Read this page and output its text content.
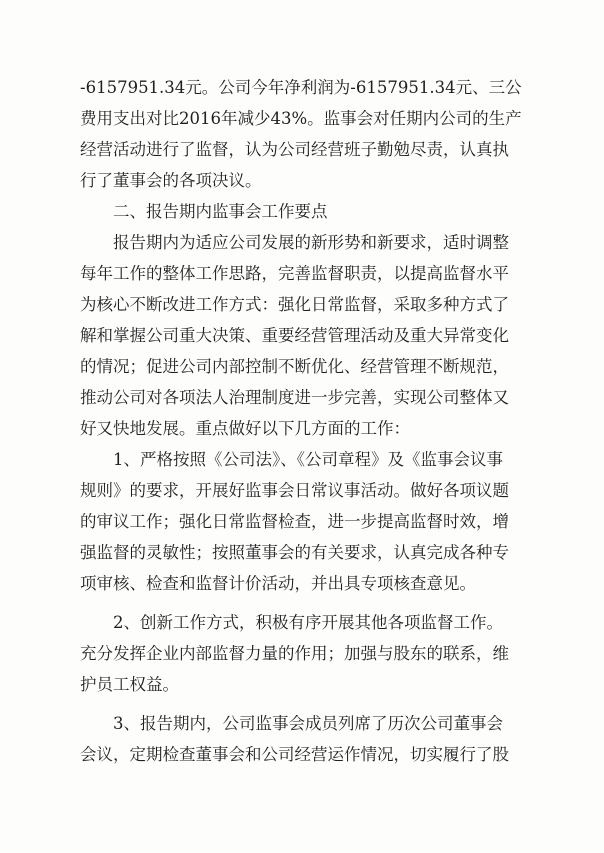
-6157951.34元。公司今年净利润为-6157951.34元、三公
费用支出对比2016年减少43%。监事会对任期内公司的生产
经营活动进行了监督，认为公司经营班子勤勉尽责，认真执
行了董事会的各项决议。
二、报告期内监事会工作要点
报告期内为适应公司发展的新形势和新要求，适时调整
每年工作的整体工作思路，完善监督职责，以提高监督水平
为核心不断改进工作方式：强化日常监督，采取多种方式了
解和掌握公司重大决策、重要经营管理活动及重大异常变化
的情况；促进公司内部控制不断优化、经营管理不断规范，
推动公司对各项法人治理制度进一步完善，实现公司整体又
好又快地发展。重点做好以下几方面的工作：
1、严格按照《公司法》、《公司章程》及《监事会议事
规则》的要求，开展好监事会日常议事活动。做好各项议题
的审议工作；强化日常监督检查，进一步提高监督时效，增
强监督的灵敏性；按照董事会的有关要求，认真完成各种专
项审核、检查和监督计价活动，并出具专项核查意见。
2、创新工作方式，积极有序开展其他各项监督工作。
充分发挥企业内部监督力量的作用；加强与股东的联系，维
护员工权益。
3、报告期内，公司监事会成员列席了历次公司董事会
会议，定期检查董事会和公司经营运作情况，切实履行了股
